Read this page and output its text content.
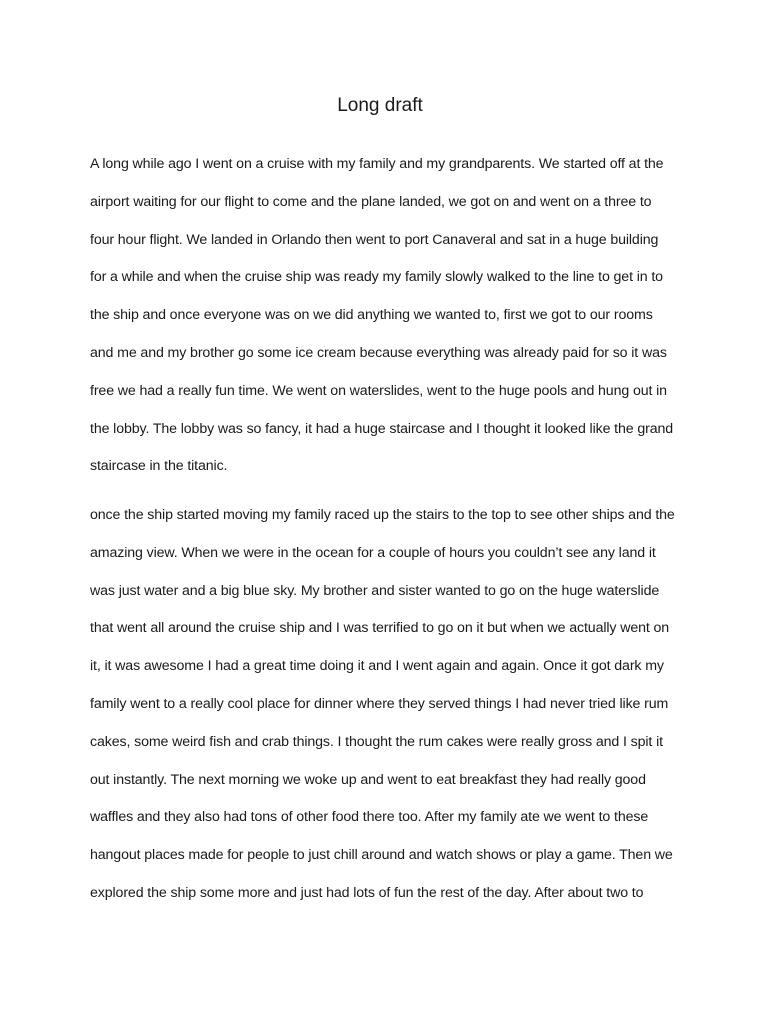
Long draft
A long while ago I went on a cruise with my family and my grandparents. We started off at the
airport waiting for our flight to come and the plane landed, we got on and went on a three to
four hour flight. We landed in Orlando then went to port Canaveral and sat in a huge building
for a while and when the cruise ship was ready my family slowly walked to the line to get in to
the ship and once everyone was on we did anything we wanted to, first we got to our rooms
and me and my brother go some ice cream because everything was already paid for so it was
free we had a really fun time. We went on waterslides, went to the huge pools and hung out in
the lobby. The lobby was so fancy, it had a huge staircase and I thought it looked like the grand
staircase in the titanic.
once the ship started moving my family raced up the stairs to the top to see other ships and the
amazing view. When we were in the ocean for a couple of hours you couldn’t see any land it
was just water and a big blue sky. My brother and sister wanted to go on the huge waterslide
that went all around the cruise ship and I was terrified to go on it but when we actually went on
it, it was awesome I had a great time doing it and I went again and again. Once it got dark my
family went to a really cool place for dinner where they served things I had never tried like rum
cakes, some weird fish and crab things. I thought the rum cakes were really gross and I spit it
out instantly. The next morning we woke up and went to eat breakfast they had really good
waffles and they also had tons of other food there too. After my family ate we went to these
hangout places made for people to just chill around and watch shows or play a game. Then we
explored the ship some more and just had lots of fun the rest of the day. After about two to
